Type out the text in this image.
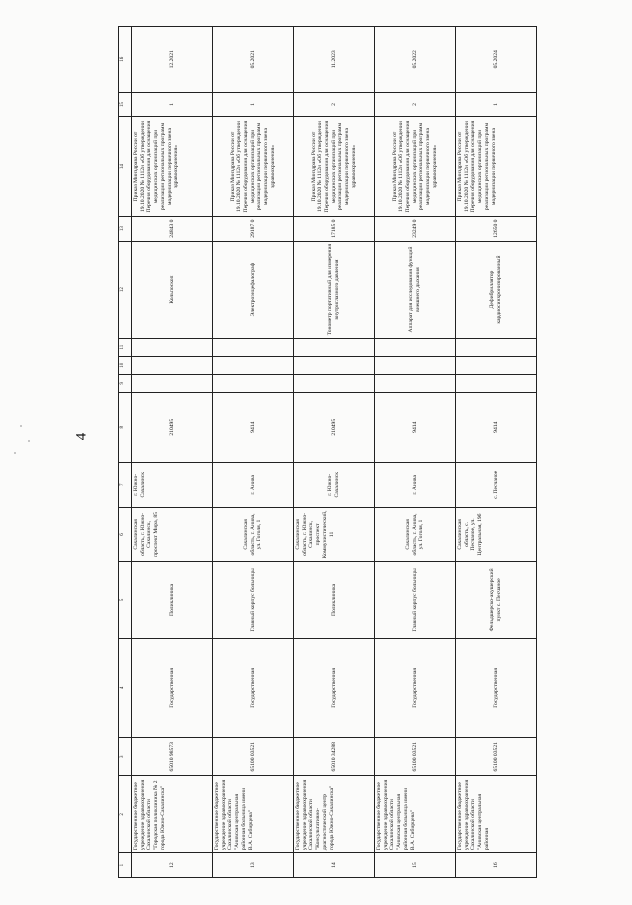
4
1	2	3	4	5	6	7	8	9	10	11	12	13	14	15	16
12	Государственное бюджетное учреждение здравоохранения Сахалинской области "Городская поликлиника № 2 города Южно-Сахалинска"	65010 98573	Государственная	Поликлиника	Сахалинская область, г. Южно-Сахалинск, проспект Мира, 85	г. Южно-Сахалинск	210495				Кольпоскоп	24843 0	Приказ Минздрава России от 19.10.2020 № 1112н «Об утверждении Перечня оборудования для оснащения медицинских организаций при реализации региональных программ модернизации первичного звена здравоохранения»	1	12.2021
13	Государственное бюджетное учреждение здравоохранения Сахалинской области "Анивская центральная районная больница имени В.А. Сибирцева"	65100 03521	Государственная	Главный корпус больницы	Сахалинская область, г. Анива, ул. Гоголя, 1	г. Анива	9414				Электроэнцефалограф	29187 0	Приказ Минздрава России от 19.10.2020 № 1112н «Об утверждении Перечня оборудования для оснащения медицинских организаций при реализации региональных программ модернизации первичного звена здравоохранения»	1	05.2021
14	Государственное бюджетное учреждение здравоохранения Сахалинской области "Консультативно-диагностический центр города Южно-Сахалинска"	65010 34288	Государственная	Поликлиника	Сахалинская область, г. Южно-Сахалинск, проспект Коммунистический, 11	г. Южно-Сахалинск	210495				Тонометр портативный для измерения внутриглазного давления	17185 0	Приказ Минздрава России от 19.10.2020 № 1112н «Об утверждении Перечня оборудования для оснащения медицинских организаций при реализации региональных программ модернизации первичного звена здравоохранения»	2	11.2023
15	Государственное бюджетное учреждение здравоохранения Сахалинской области "Анивская центральная районная больница имени В.А. Сибирцева"	65100 03521	Государственная	Главный корпус больницы	Сахалинская область, г. Анива, ул. Гоголя, 1	г. Анива	9414				Аппарат для исследования функций внешнего дыхания	23249 0	Приказ Минздрава России от 19.10.2020 № 1112н «Об утверждении Перечня оборудования для оснащения медицинских организаций при реализации региональных программ модернизации первичного звена здравоохранения»	2	05.2022
16	Государственное бюджетное учреждение здравоохранения Сахалинской области "Анивская центральная районная	65100 03521	Государственная	Фельдшерско-акушерский пункт с. Песчаное	Сахалинская область, с. Песчаное, ул. Центральная, 19б	с. Песчаное	9414				Дефибриллятор кардиосинхронизированный	12650 0	Приказ Минздрава России от 19.10.2020 № 1112н «Об утверждении Перечня оборудования для оснащения медицинских организаций при реализации региональных программ модернизации первичного звена	1	05.2024
